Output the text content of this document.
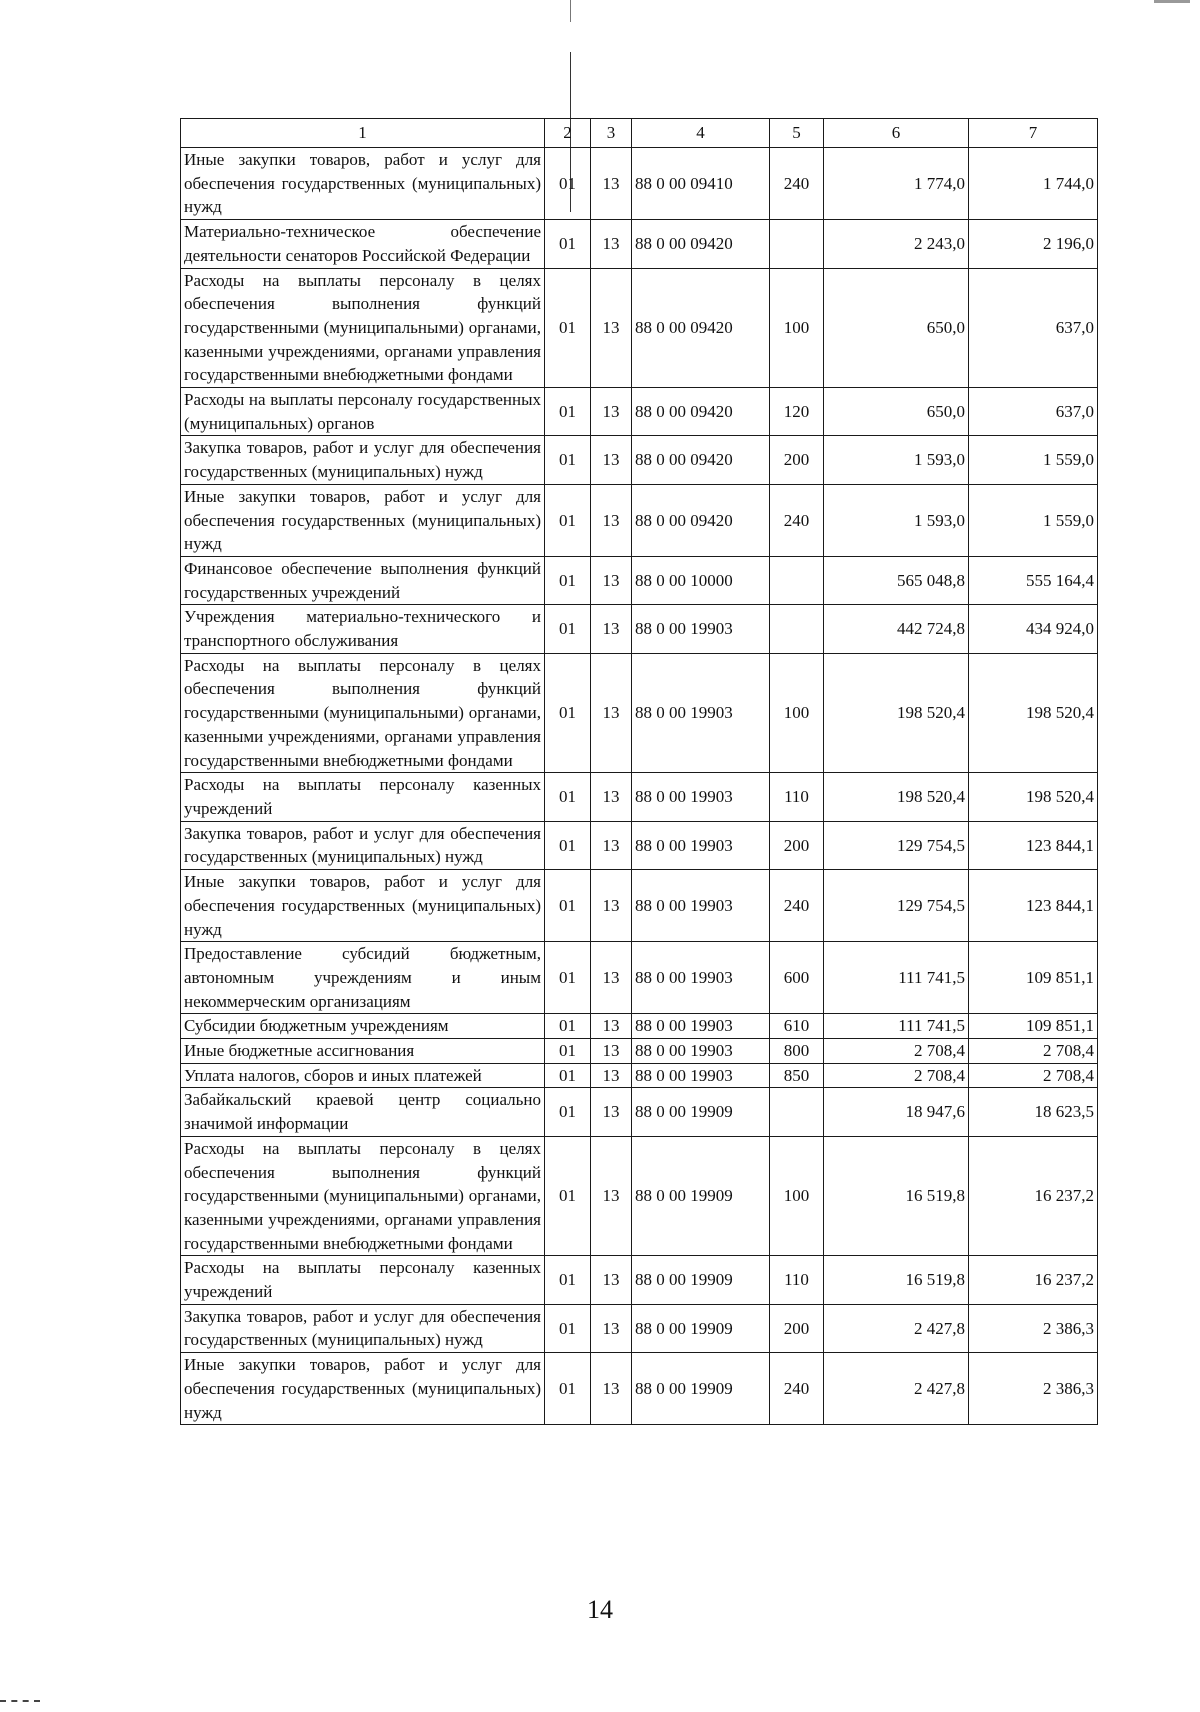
1	2	3	4	5	6	7
Иные закупки товаров, работ и услуг для обеспечения государственных (муниципальных) нужд	01	13	88 0 00 09410	240	1 774,0	1 744,0
Материально-техническое обеспечение деятельности сенаторов Российской Федерации	01	13	88 0 00 09420		2 243,0	2 196,0
Расходы на выплаты персоналу в целях обеспечения выполнения функций государственными (муниципальными) органами, казенными учреждениями, органами управления государственными внебюджетными фондами	01	13	88 0 00 09420	100	650,0	637,0
Расходы на выплаты персоналу государственных (муниципальных) органов	01	13	88 0 00 09420	120	650,0	637,0
Закупка товаров, работ и услуг для обеспечения государственных (муниципальных) нужд	01	13	88 0 00 09420	200	1 593,0	1 559,0
Иные закупки товаров, работ и услуг для обеспечения государственных (муниципальных) нужд	01	13	88 0 00 09420	240	1 593,0	1 559,0
Финансовое обеспечение выполнения функций государственных учреждений	01	13	88 0 00 10000		565 048,8	555 164,4
Учреждения материально-технического и транспортного обслуживания	01	13	88 0 00 19903		442 724,8	434 924,0
Расходы на выплаты персоналу в целях обеспечения выполнения функций государственными (муниципальными) органами, казенными учреждениями, органами управления государственными внебюджетными фондами	01	13	88 0 00 19903	100	198 520,4	198 520,4
Расходы на выплаты персоналу казенных учреждений	01	13	88 0 00 19903	110	198 520,4	198 520,4
Закупка товаров, работ и услуг для обеспечения государственных (муниципальных) нужд	01	13	88 0 00 19903	200	129 754,5	123 844,1
Иные закупки товаров, работ и услуг для обеспечения государственных (муниципальных) нужд	01	13	88 0 00 19903	240	129 754,5	123 844,1
Предоставление субсидий бюджетным, автономным учреждениям и иным некоммерческим организациям	01	13	88 0 00 19903	600	111 741,5	109 851,1
Субсидии бюджетным учреждениям	01	13	88 0 00 19903	610	111 741,5	109 851,1
Иные бюджетные ассигнования	01	13	88 0 00 19903	800	2 708,4	2 708,4
Уплата налогов, сборов и иных платежей	01	13	88 0 00 19903	850	2 708,4	2 708,4
Забайкальский краевой центр социально значимой информации	01	13	88 0 00 19909		18 947,6	18 623,5
Расходы на выплаты персоналу в целях обеспечения выполнения функций государственными (муниципальными) органами, казенными учреждениями, органами управления государственными внебюджетными фондами	01	13	88 0 00 19909	100	16 519,8	16 237,2
Расходы на выплаты персоналу казенных учреждений	01	13	88 0 00 19909	110	16 519,8	16 237,2
Закупка товаров, работ и услуг для обеспечения государственных (муниципальных) нужд	01	13	88 0 00 19909	200	2 427,8	2 386,3
Иные закупки товаров, работ и услуг для обеспечения государственных (муниципальных) нужд	01	13	88 0 00 19909	240	2 427,8	2 386,3
14
